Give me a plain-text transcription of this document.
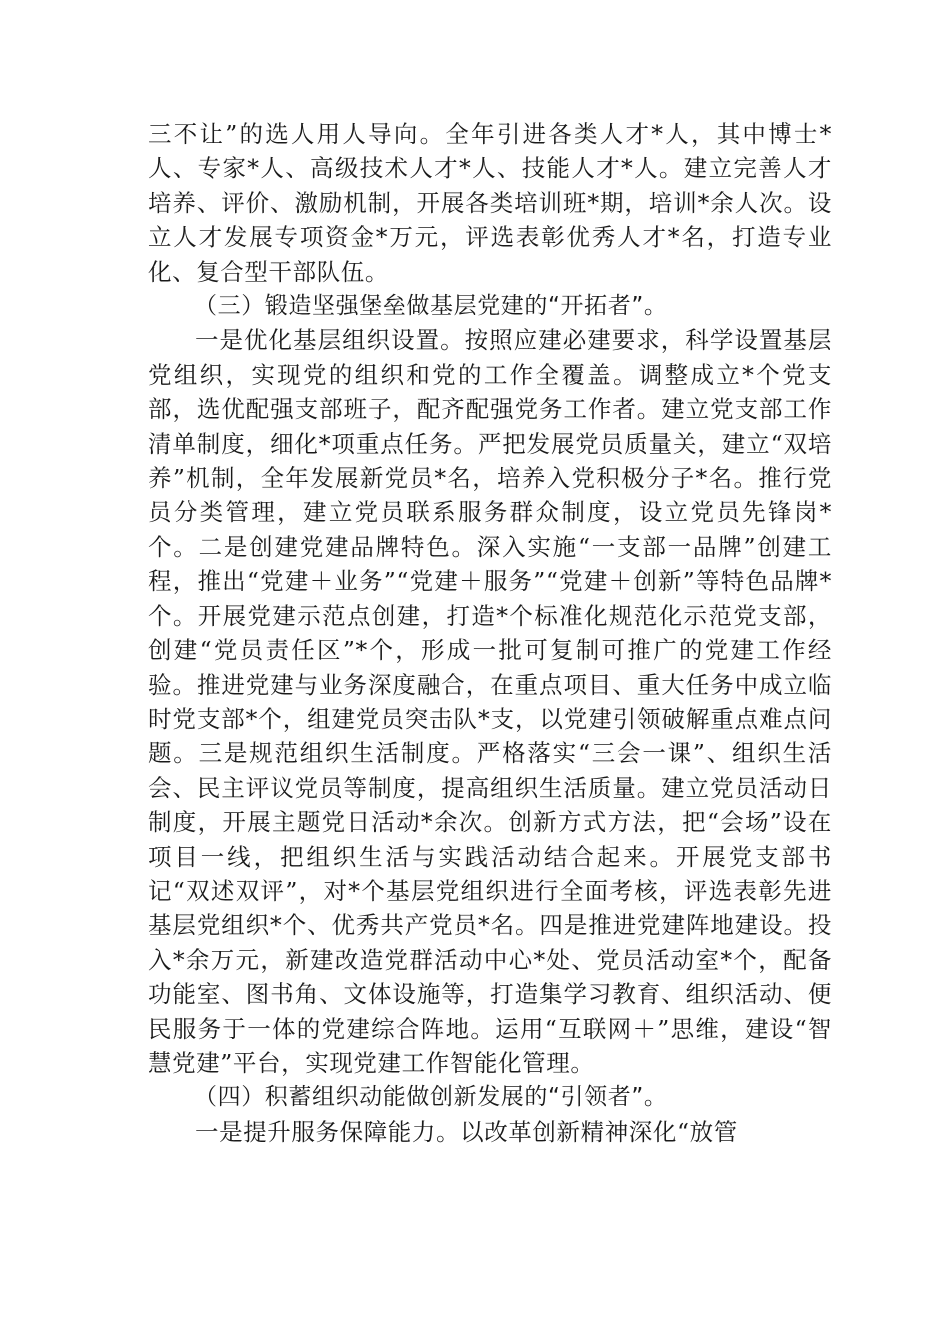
三不让”的选人用人导向。全年引进各类人才*人，其中博士*人、专家*人、高级技术人才*人、技能人才*人。建立完善人才培养、评价、激励机制，开展各类培训班*期，培训*余人次。设立人才发展专项资金*万元，评选表彰优秀人才*名，打造专业化、复合型干部队伍。

（三）锻造坚强堡垒做基层党建的“开拓者”。

一是优化基层组织设置。按照应建必建要求，科学设置基层党组织，实现党的组织和党的工作全覆盖。调整成立*个党支部，选优配强支部班子，配齐配强党务工作者。建立党支部工作清单制度，细化*项重点任务。严把发展党员质量关，建立“双培养”机制，全年发展新党员*名，培养入党积极分子*名。推行党员分类管理，建立党员联系服务群众制度，设立党员先锋岗*个。二是创建党建品牌特色。深入实施“一支部一品牌”创建工程，推出“党建＋业务”“党建＋服务”“党建＋创新”等特色品牌*个。开展党建示范点创建，打造*个标准化规范化示范党支部，创建“党员责任区”*个，形成一批可复制可推广的党建工作经验。推进党建与业务深度融合，在重点项目、重大任务中成立临时党支部*个，组建党员突击队*支，以党建引领破解重点难点问题。三是规范组织生活制度。严格落实“三会一课”、组织生活会、民主评议党员等制度，提高组织生活质量。建立党员活动日制度，开展主题党日活动*余次。创新方式方法，把“会场”设在项目一线，把组织生活与实践活动结合起来。开展党支部书记“双述双评”，对*个基层党组织进行全面考核，评选表彰先进基层党组织*个、优秀共产党员*名。四是推进党建阵地建设。投入*余万元，新建改造党群活动中心*处、党员活动室*个，配备功能室、图书角、文体设施等，打造集学习教育、组织活动、便民服务于一体的党建综合阵地。运用“互联网＋”思维，建设“智慧党建”平台，实现党建工作智能化管理。

（四）积蓄组织动能做创新发展的“引领者”。

一是提升服务保障能力。以改革创新精神深化“放管
